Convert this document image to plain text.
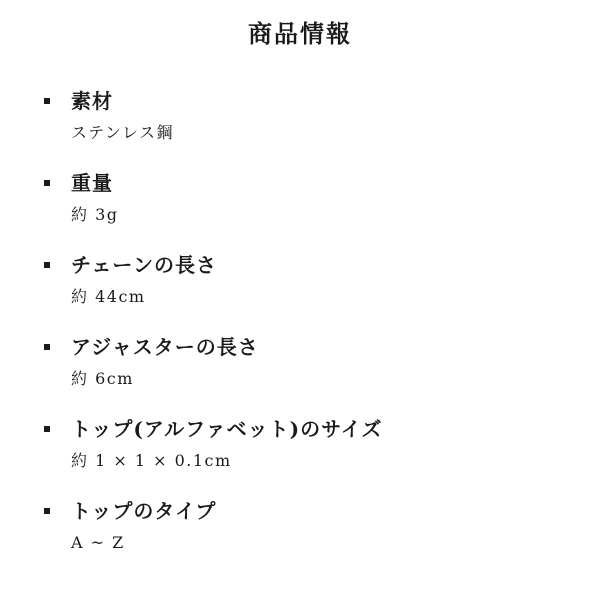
商品情報
素材
ステンレス鋼
重量
約 3g
チェーンの長さ
約 44cm
アジャスターの長さ
約 6cm
トップ(アルファベット)のサイズ
約 1 × 1 × 0.1cm
トップのタイプ
A ~ Z
